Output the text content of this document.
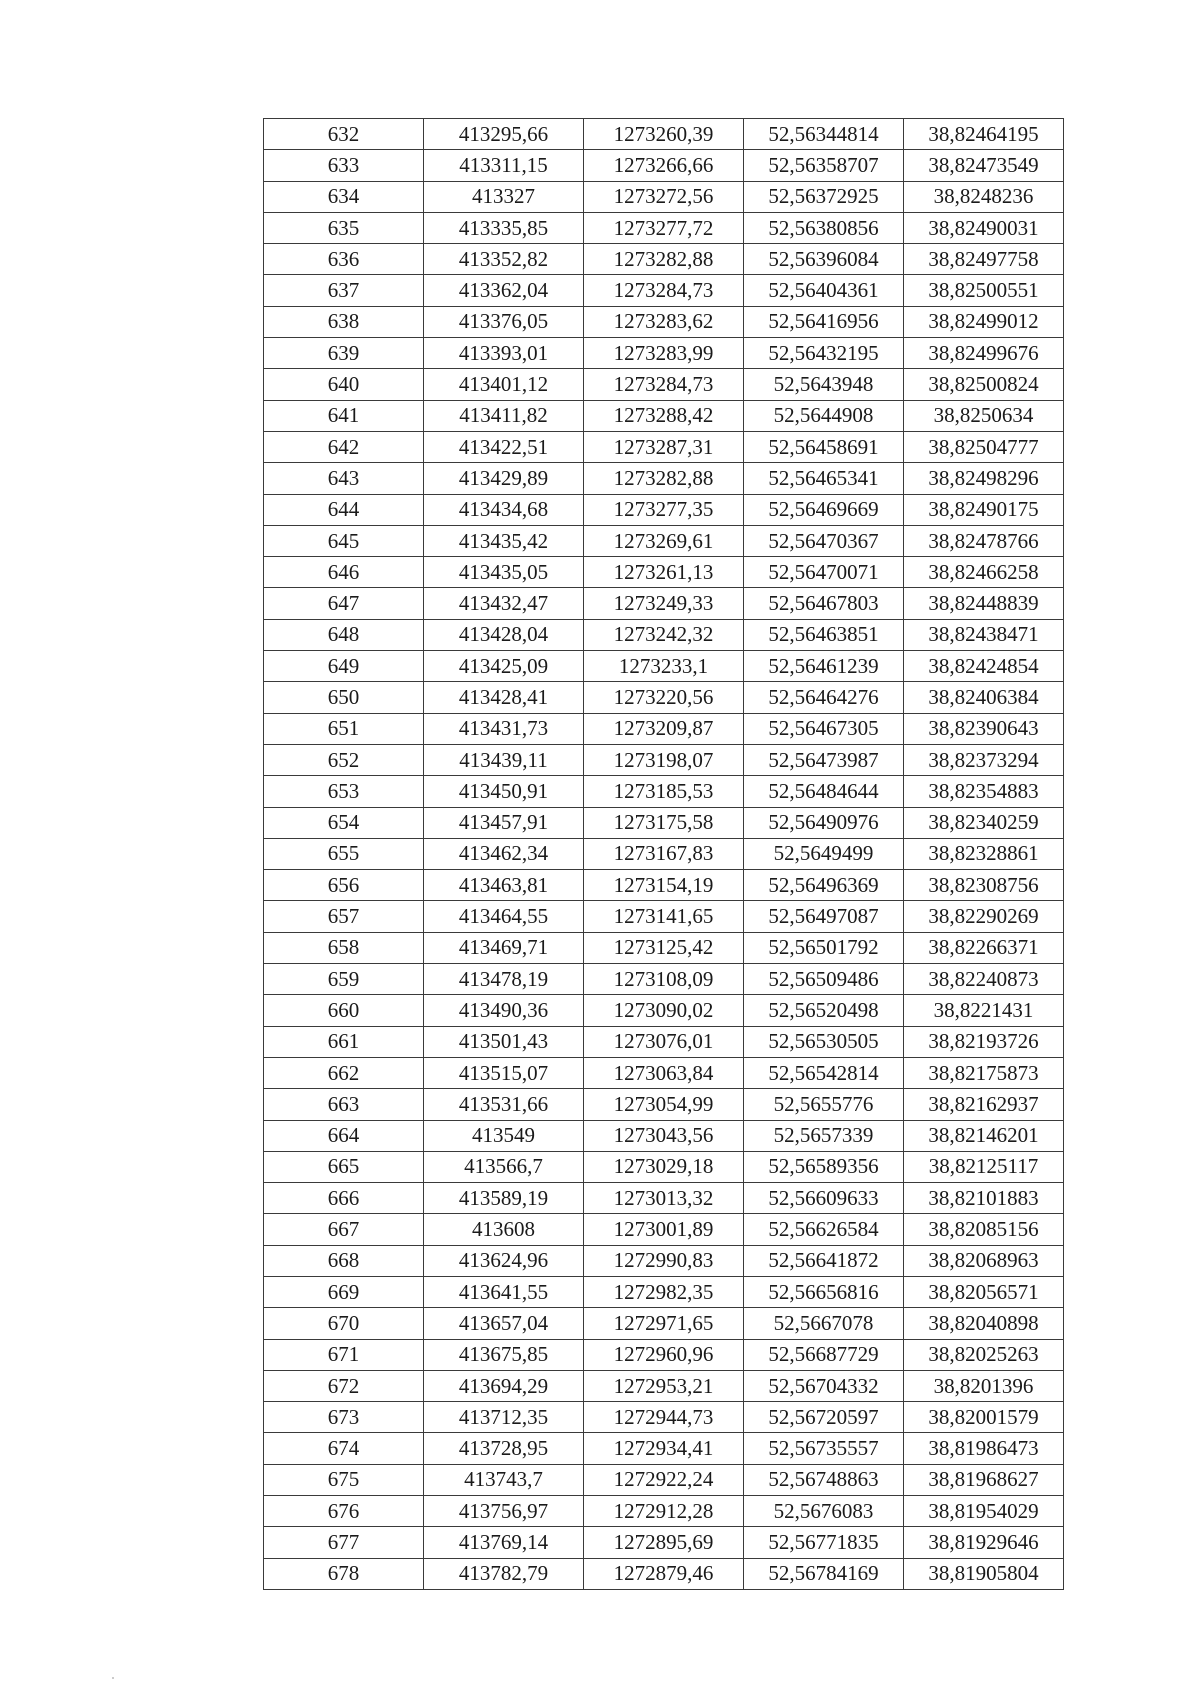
632	413295,66	1273260,39	52,56344814	38,82464195
633	413311,15	1273266,66	52,56358707	38,82473549
634	413327	1273272,56	52,56372925	38,8248236
635	413335,85	1273277,72	52,56380856	38,82490031
636	413352,82	1273282,88	52,56396084	38,82497758
637	413362,04	1273284,73	52,56404361	38,82500551
638	413376,05	1273283,62	52,56416956	38,82499012
639	413393,01	1273283,99	52,56432195	38,82499676
640	413401,12	1273284,73	52,5643948	38,82500824
641	413411,82	1273288,42	52,5644908	38,8250634
642	413422,51	1273287,31	52,56458691	38,82504777
643	413429,89	1273282,88	52,56465341	38,82498296
644	413434,68	1273277,35	52,56469669	38,82490175
645	413435,42	1273269,61	52,56470367	38,82478766
646	413435,05	1273261,13	52,56470071	38,82466258
647	413432,47	1273249,33	52,56467803	38,82448839
648	413428,04	1273242,32	52,56463851	38,82438471
649	413425,09	1273233,1	52,56461239	38,82424854
650	413428,41	1273220,56	52,56464276	38,82406384
651	413431,73	1273209,87	52,56467305	38,82390643
652	413439,11	1273198,07	52,56473987	38,82373294
653	413450,91	1273185,53	52,56484644	38,82354883
654	413457,91	1273175,58	52,56490976	38,82340259
655	413462,34	1273167,83	52,5649499	38,82328861
656	413463,81	1273154,19	52,56496369	38,82308756
657	413464,55	1273141,65	52,56497087	38,82290269
658	413469,71	1273125,42	52,56501792	38,82266371
659	413478,19	1273108,09	52,56509486	38,82240873
660	413490,36	1273090,02	52,56520498	38,8221431
661	413501,43	1273076,01	52,56530505	38,82193726
662	413515,07	1273063,84	52,56542814	38,82175873
663	413531,66	1273054,99	52,5655776	38,82162937
664	413549	1273043,56	52,5657339	38,82146201
665	413566,7	1273029,18	52,56589356	38,82125117
666	413589,19	1273013,32	52,56609633	38,82101883
667	413608	1273001,89	52,56626584	38,82085156
668	413624,96	1272990,83	52,56641872	38,82068963
669	413641,55	1272982,35	52,56656816	38,82056571
670	413657,04	1272971,65	52,5667078	38,82040898
671	413675,85	1272960,96	52,56687729	38,82025263
672	413694,29	1272953,21	52,56704332	38,8201396
673	413712,35	1272944,73	52,56720597	38,82001579
674	413728,95	1272934,41	52,56735557	38,81986473
675	413743,7	1272922,24	52,56748863	38,81968627
676	413756,97	1272912,28	52,5676083	38,81954029
677	413769,14	1272895,69	52,56771835	38,81929646
678	413782,79	1272879,46	52,56784169	38,81905804
